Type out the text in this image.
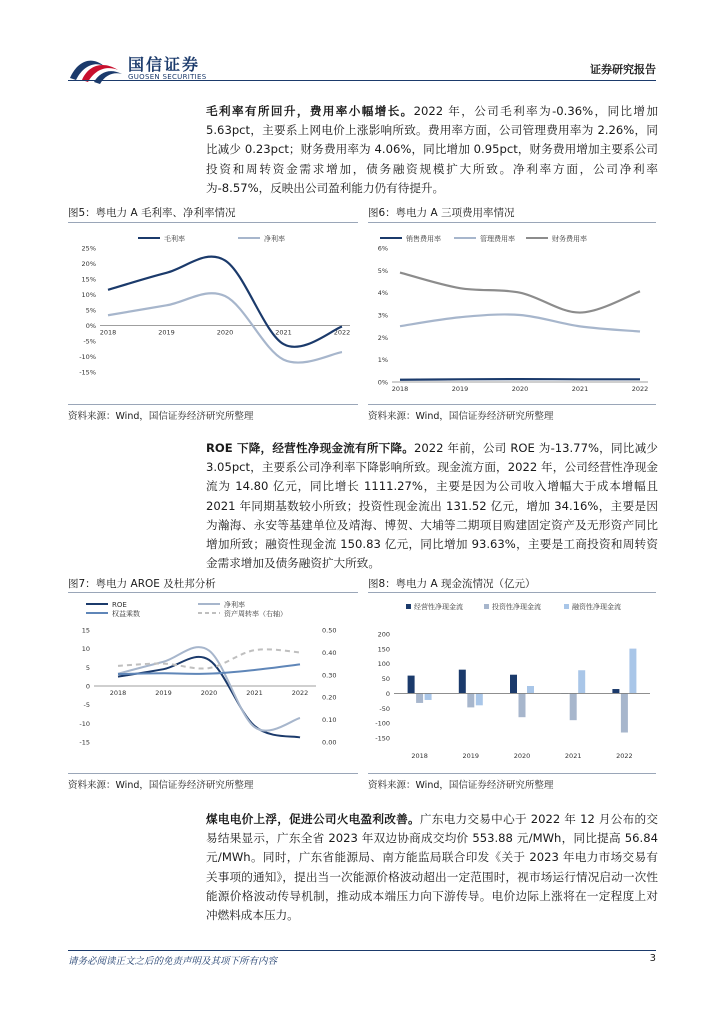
国信证券
GUOSEN SECURITIES
证券研究报告
毛利率有所回升，费用率小幅增长。2022 年，公司毛利率为-0.36%，同比增加 5.63pct，主要系上网电价上涨影响所致。费用率方面，公司管理费用率为 2.26%，同比减少 0.23pct；财务费用率为 4.06%，同比增加 0.95pct，财务费用增加主要系公司投资和周转资金需求增加，债务融资规模扩大所致。净利率方面，公司净利率为-8.57%，反映出公司盈利能力仍有待提升。
图5：粤电力 A 毛利率、净利率情况
毛利率	净利率
25%
20%
15%
10%
5%
0%
-5%
-10%
-15%
2018	2019	2020	2021	2022
资料来源：Wind，国信证券经济研究所整理
图6：粤电力 A 三项费用率情况
销售费用率	管理费用率	财务费用率
6%
5%
4%
3%
2%
1%
0%
2018	2019	2020	2021	2022
资料来源：Wind，国信证券经济研究所整理
ROE 下降，经营性净现金流有所下降。2022 年前，公司 ROE 为-13.77%，同比减少 3.05pct，主要系公司净利率下降影响所致。现金流方面，2022 年，公司经营性净现金流为 14.80 亿元，同比增长 1111.27%，主要是因为公司收入增幅大于成本增幅且 2021 年同期基数较小所致；投资性现金流出 131.52 亿元，增加 34.16%，主要是因为瀚海、永安等基建单位及靖海、博贺、大埔等二期项目购建固定资产及无形资产同比增加所致；融资性现金流 150.83 亿元，同比增加 93.63%，主要是工商投资和周转资金需求增加及债务融资扩大所致。
图7：粤电力 AROE 及杜邦分析
ROE	净利率
权益乘数	资产周转率（右轴）
15
10
5
0
-5
-10
-15
0.50
0.40
0.30
0.20
0.10
0.00
2018	2019	2020	2021	2022
资料来源：Wind，国信证券经济研究所整理
图8：粤电力 A 现金流情况（亿元）
经营性净现金流	投资性净现金流	融资性净现金流
200
150
100
50
0
-50
-100
-150
2018	2019	2020	2021	2022
资料来源：Wind，国信证券经济研究所整理
煤电电价上浮，促进公司火电盈利改善。广东电力交易中心于 2022 年 12 月公布的交易结果显示，广东全省 2023 年双边协商成交均价 553.88 元/MWh，同比提高 56.84 元/MWh。同时，广东省能源局、南方能监局联合印发《关于 2023 年电力市场交易有关事项的通知》，提出当一次能源价格波动超出一定范围时，视市场运行情况启动一次性能源价格波动传导机制，推动成本端压力向下游传导。电价边际上涨将在一定程度上对冲燃料成本压力。
请务必阅读正文之后的免责声明及其项下所有内容	3
